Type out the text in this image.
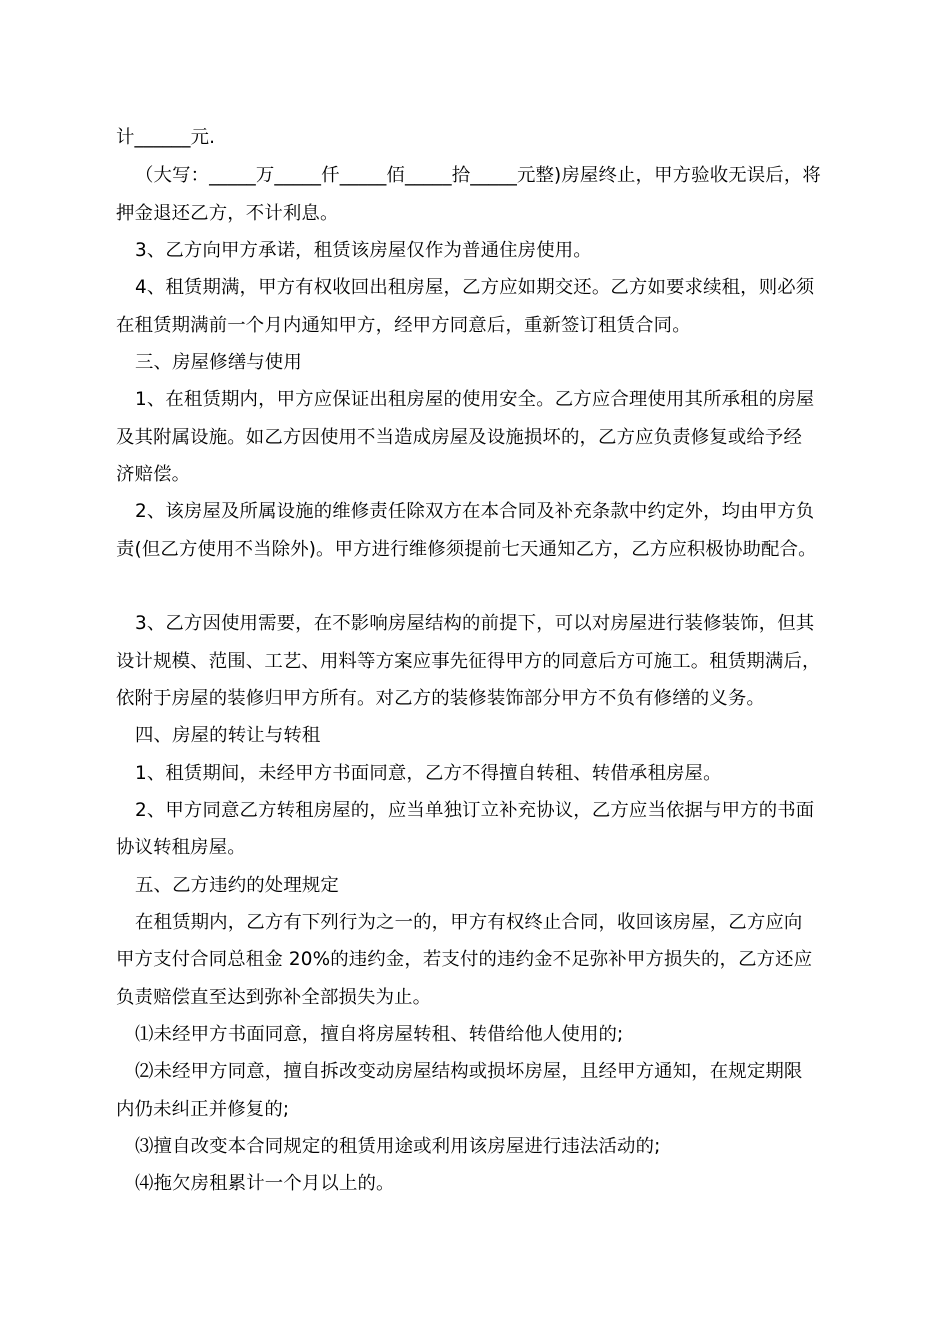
计______元.
（大写：_____万_____仟_____佰_____拾_____元整)房屋终止，甲方验收无误后，将
押金退还乙方，不计利息。
3、乙方向甲方承诺，租赁该房屋仅作为普通住房使用。
4、租赁期满，甲方有权收回出租房屋，乙方应如期交还。乙方如要求续租，则必须
在租赁期满前一个月内通知甲方，经甲方同意后，重新签订租赁合同。
三、房屋修缮与使用
1、在租赁期内，甲方应保证出租房屋的使用安全。乙方应合理使用其所承租的房屋
及其附属设施。如乙方因使用不当造成房屋及设施损坏的，乙方应负责修复或给予经
济赔偿。
2、该房屋及所属设施的维修责任除双方在本合同及补充条款中约定外，均由甲方负
责(但乙方使用不当除外)。甲方进行维修须提前七天通知乙方，乙方应积极协助配合。
3、乙方因使用需要，在不影响房屋结构的前提下，可以对房屋进行装修装饰，但其
设计规模、范围、工艺、用料等方案应事先征得甲方的同意后方可施工。租赁期满后，
依附于房屋的装修归甲方所有。对乙方的装修装饰部分甲方不负有修缮的义务。
四、房屋的转让与转租
1、租赁期间，未经甲方书面同意，乙方不得擅自转租、转借承租房屋。
2、甲方同意乙方转租房屋的，应当单独订立补充协议，乙方应当依据与甲方的书面
协议转租房屋。
五、乙方违约的处理规定
在租赁期内，乙方有下列行为之一的，甲方有权终止合同，收回该房屋，乙方应向
甲方支付合同总租金 20%的违约金，若支付的违约金不足弥补甲方损失的，乙方还应
负责赔偿直至达到弥补全部损失为止。
⑴未经甲方书面同意，擅自将房屋转租、转借给他人使用的;
⑵未经甲方同意，擅自拆改变动房屋结构或损坏房屋，且经甲方通知，在规定期限
内仍未纠正并修复的;
⑶擅自改变本合同规定的租赁用途或利用该房屋进行违法活动的;
⑷拖欠房租累计一个月以上的。
